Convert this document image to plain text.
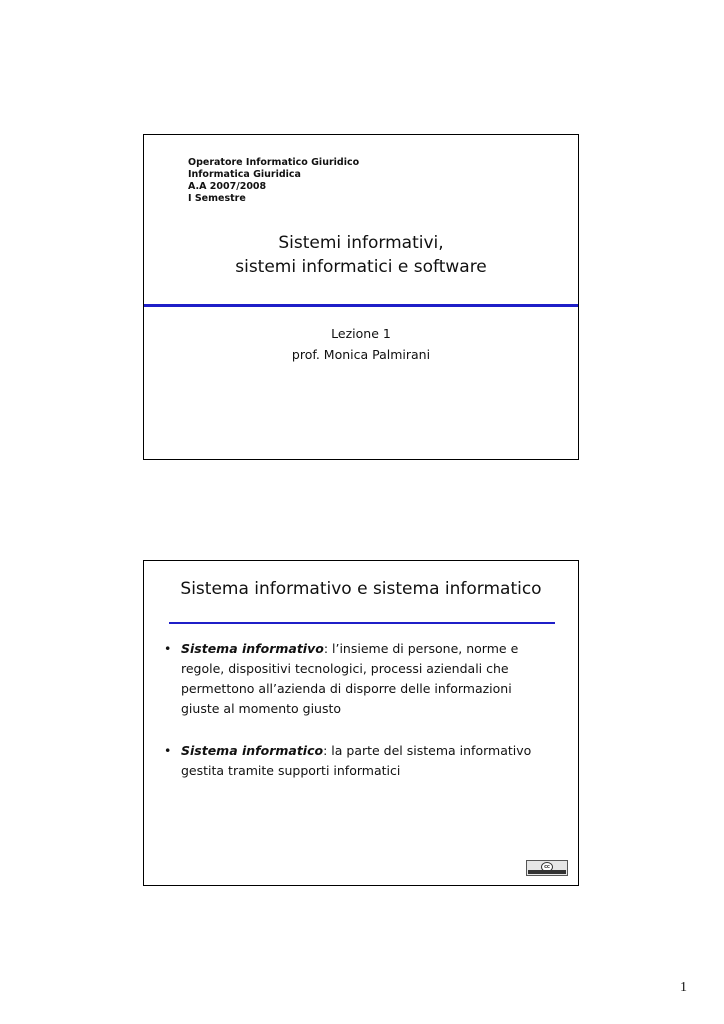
Operatore Informatico Giuridico
Informatica Giuridica
A.A 2007/2008
I Semestre
Sistemi informativi,
sistemi informatici e software
Lezione 1
prof. Monica Palmirani
Sistema informativo e sistema informatico
• Sistema informativo: l’insieme di persone, norme e regole, dispositivi tecnologici, processi aziendali che permettono all’azienda di disporre delle informazioni giuste al momento giusto
• Sistema informatico: la parte del sistema informativo gestita tramite supporti informatici
cc
1
